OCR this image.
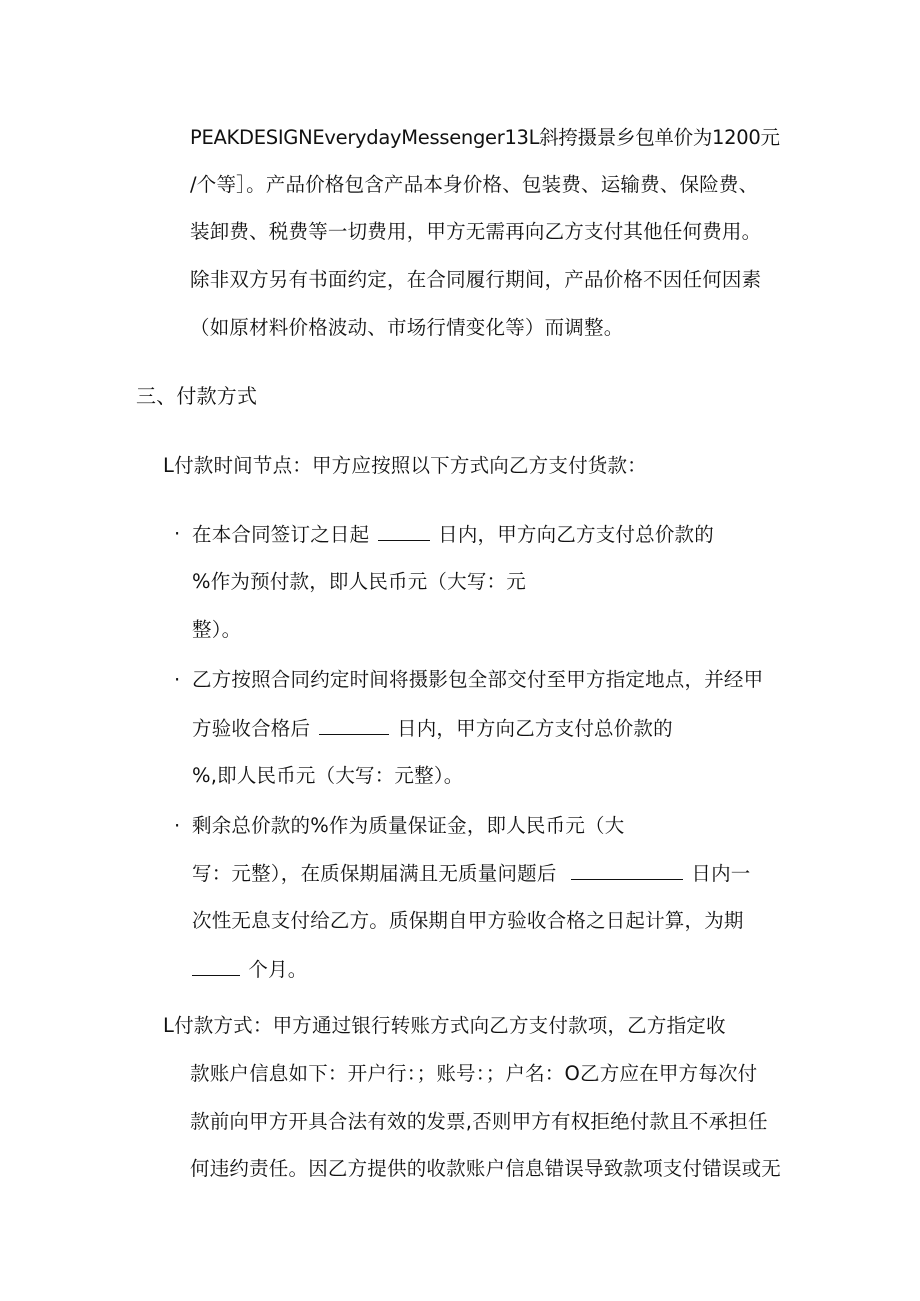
PEAKDESIGNEverydayMessenger13L斜挎摄景乡包单价为1200元
/个等］。产品价格包含产品本身价格、包装费、运输费、保险费、
装卸费、税费等一切费用，甲方无需再向乙方支付其他任何费用。
除非双方另有书面约定，在合同履行期间，产品价格不因任何因素
（如原材料价格波动、市场行情变化等）而调整。
三、付款方式
L付款时间节点：甲方应按照以下方式向乙方支付货款：
· 在本合同签订之日起	日内，甲方向乙方支付总价款的
%作为预付款，即人民币元（大写：元
整）。
· 乙方按照合同约定时间将摄影包全部交付至甲方指定地点，并经甲
方验收合格后	日内，甲方向乙方支付总价款的
%,即人民币元（大写：元整）。
· 剩余总价款的%作为质量保证金，即人民币元（大
写：元整），在质保期届满且无质量问题后	日内一
次性无息支付给乙方。质保期自甲方验收合格之日起计算，为期
个月。
L付款方式：甲方通过银行转账方式向乙方支付款项，乙方指定收
款账户信息如下：开户行：；账号：；户名：O乙方应在甲方每次付
款前向甲方开具合法有效的发票,否则甲方有权拒绝付款且不承担任
何违约责任。因乙方提供的收款账户信息错误导致款项支付错误或无
